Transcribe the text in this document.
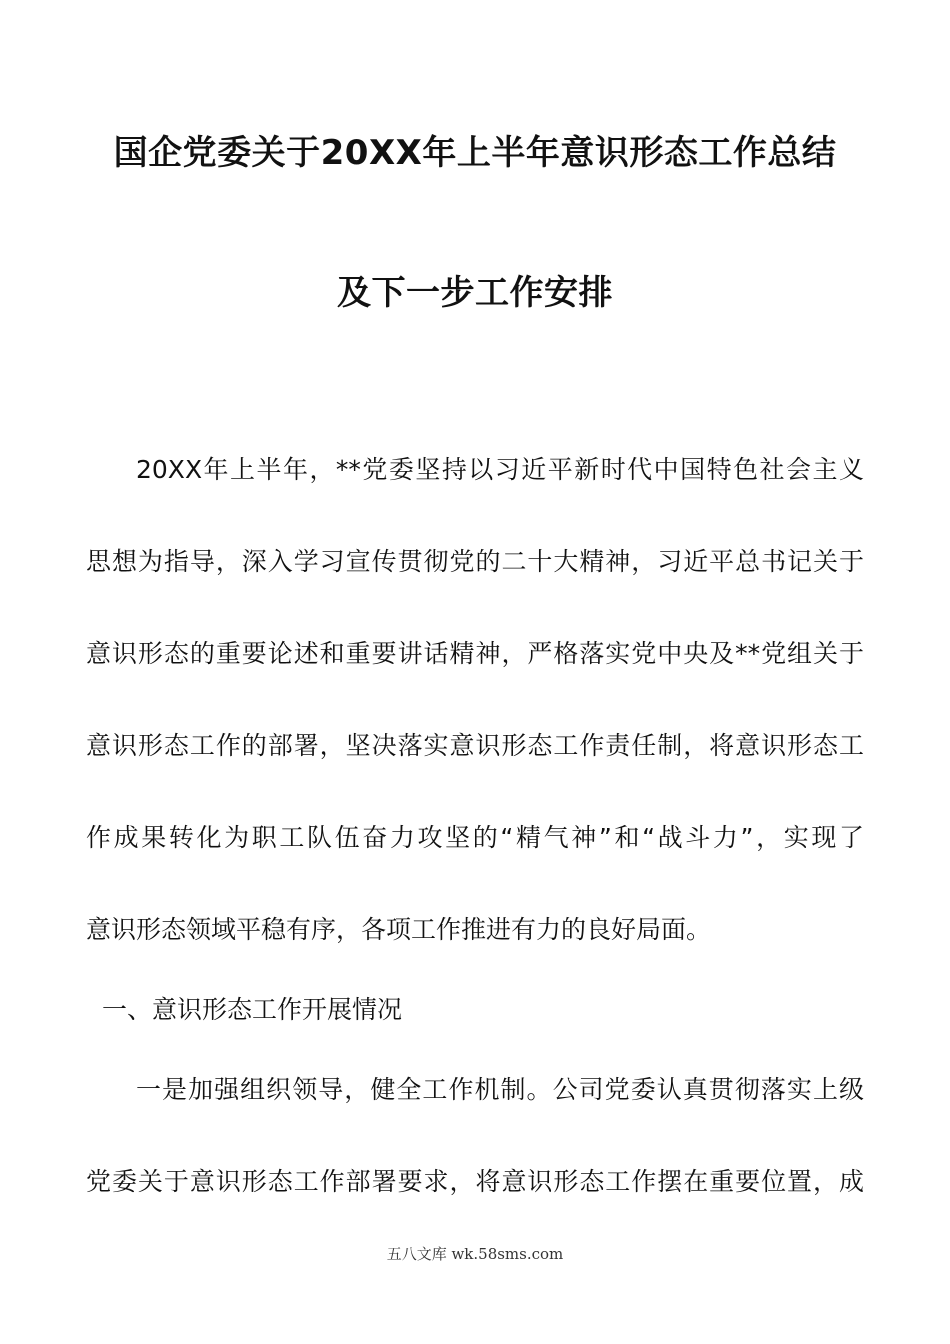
国企党委关于20XX年上半年意识形态工作总结
及下一步工作安排
20XX年上半年，**党委坚持以习近平新时代中国特色社会主义
思想为指导，深入学习宣传贯彻党的二十大精神，习近平总书记关于
意识形态的重要论述和重要讲话精神，严格落实党中央及**党组关于
意识形态工作的部署，坚决落实意识形态工作责任制，将意识形态工
作成果转化为职工队伍奋力攻坚的“精气神”和“战斗力”，实现了
意识形态领域平稳有序，各项工作推进有力的良好局面。
一、意识形态工作开展情况
一是加强组织领导，健全工作机制。公司党委认真贯彻落实上级
党委关于意识形态工作部署要求，将意识形态工作摆在重要位置，成
五八文库 wk.58sms.com
